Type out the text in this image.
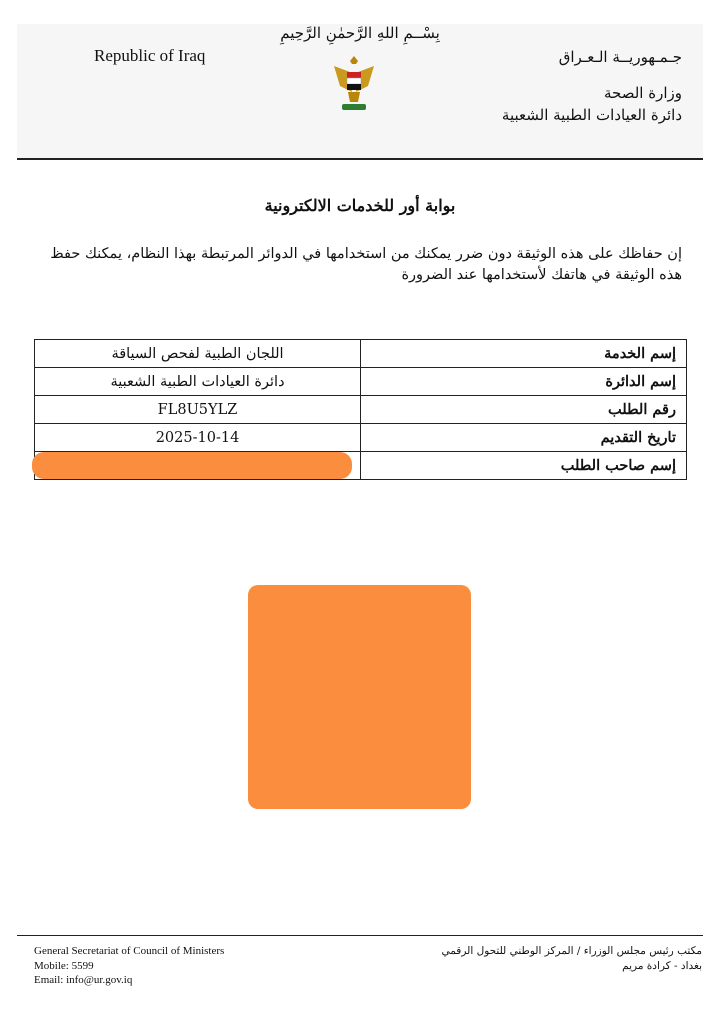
Republic of Iraq
بِسْــمِ اللهِ الرَّحمٰنِ الرَّحِيمِ
جـمـهوريــة الـعـراق
وزارة الصحة
دائرة العيادات الطبية الشعبية
بوابة أور للخدمات الالكترونية
إن حفاظك على هذه الوثيقة دون ضرر يمكنك من استخدامها في الدوائر المرتبطة بهذا النظام، يمكنك حفظ هذه الوثيقة في هاتفك لأستخدامها عند الضرورة
إسم الخدمة	اللجان الطبية لفحص السياقة
إسم الدائرة	دائرة العيادات الطبية الشعبية
رقم الطلب	FL8U5YLZ
تاريخ التقديم	2025-10-14
إسم صاحب الطلب	
General Secretariat of Council of Ministers
Mobile: 5599
Email: info@ur.gov.iq
مكتب رئيس مجلس الوزراء / المركز الوطني للتحول الرقمي
بغداد - كرادة مريم
